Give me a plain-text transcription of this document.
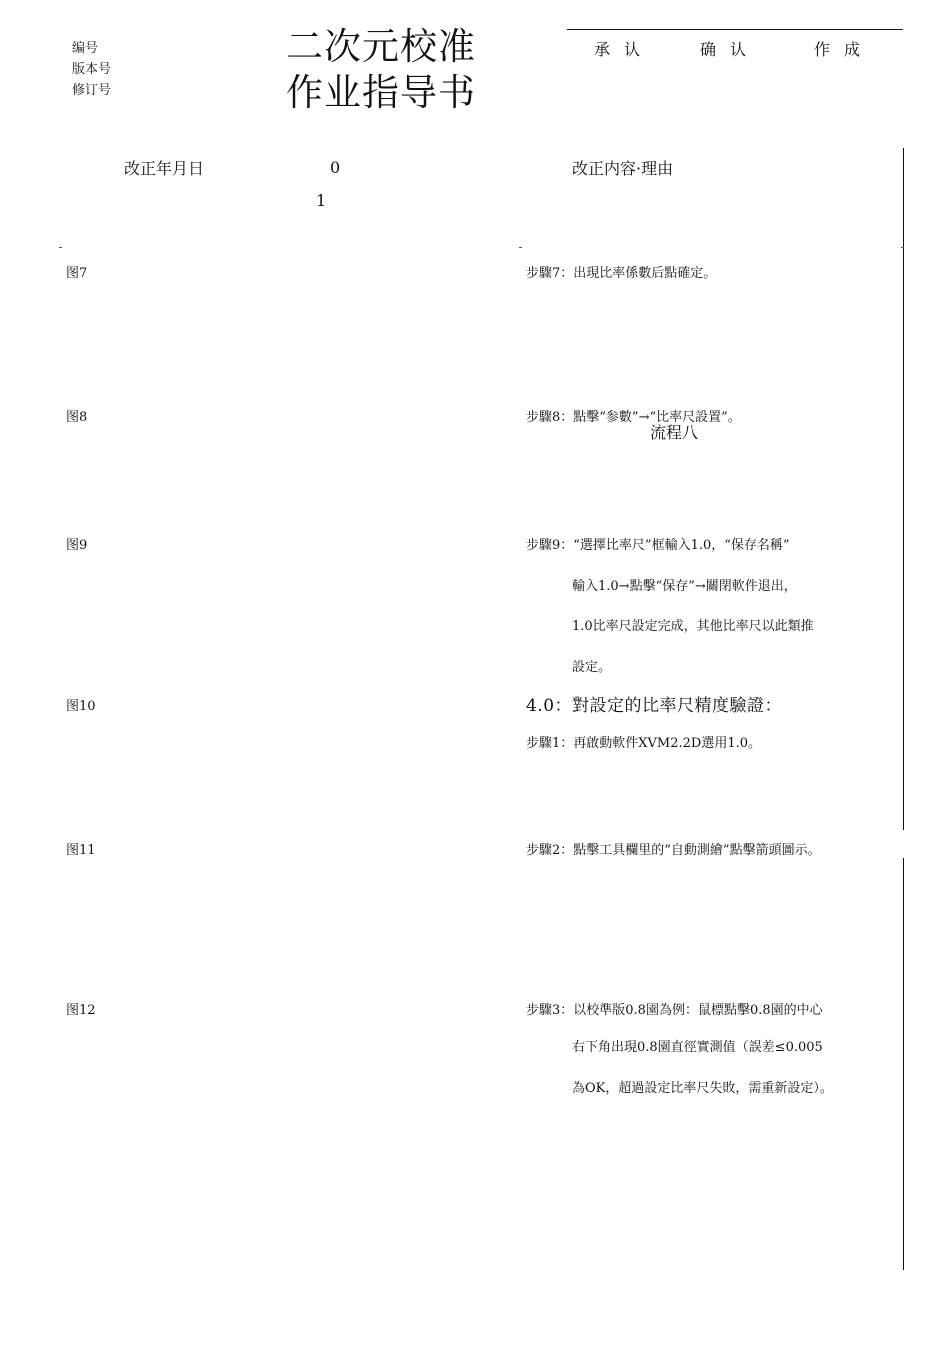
编号
版本号
修订号
二次元校准
作业指导书
承认	确认	作成
改正年月日	0
1
改正内容·理由
图7	步驟7：出現比率係數后點確定。
图8	步驟8：點擊“参數”→“比率尺設置”。
流程八
图9	步驟9：“選擇比率尺”框輸入1.0，“保存名稱”
輸入1.0→點擊“保存”→關閉軟件退出，
1.0比率尺設定完成，其他比率尺以此類推
設定。
图10	4.0：對設定的比率尺精度驗證：
步驟1：再啟動軟件XVM2.2D選用1.0。
图11	步驟2：點擊工具欄里的“自動測繪”點擊箭頭圖示。
图12	步驟3：以校準版0.8園為例：鼠標點擊0.8園的中心
右下角出現0.8園直徑實測值（誤差≤0.005
為OK，超過設定比率尺失敗，需重新設定）。
